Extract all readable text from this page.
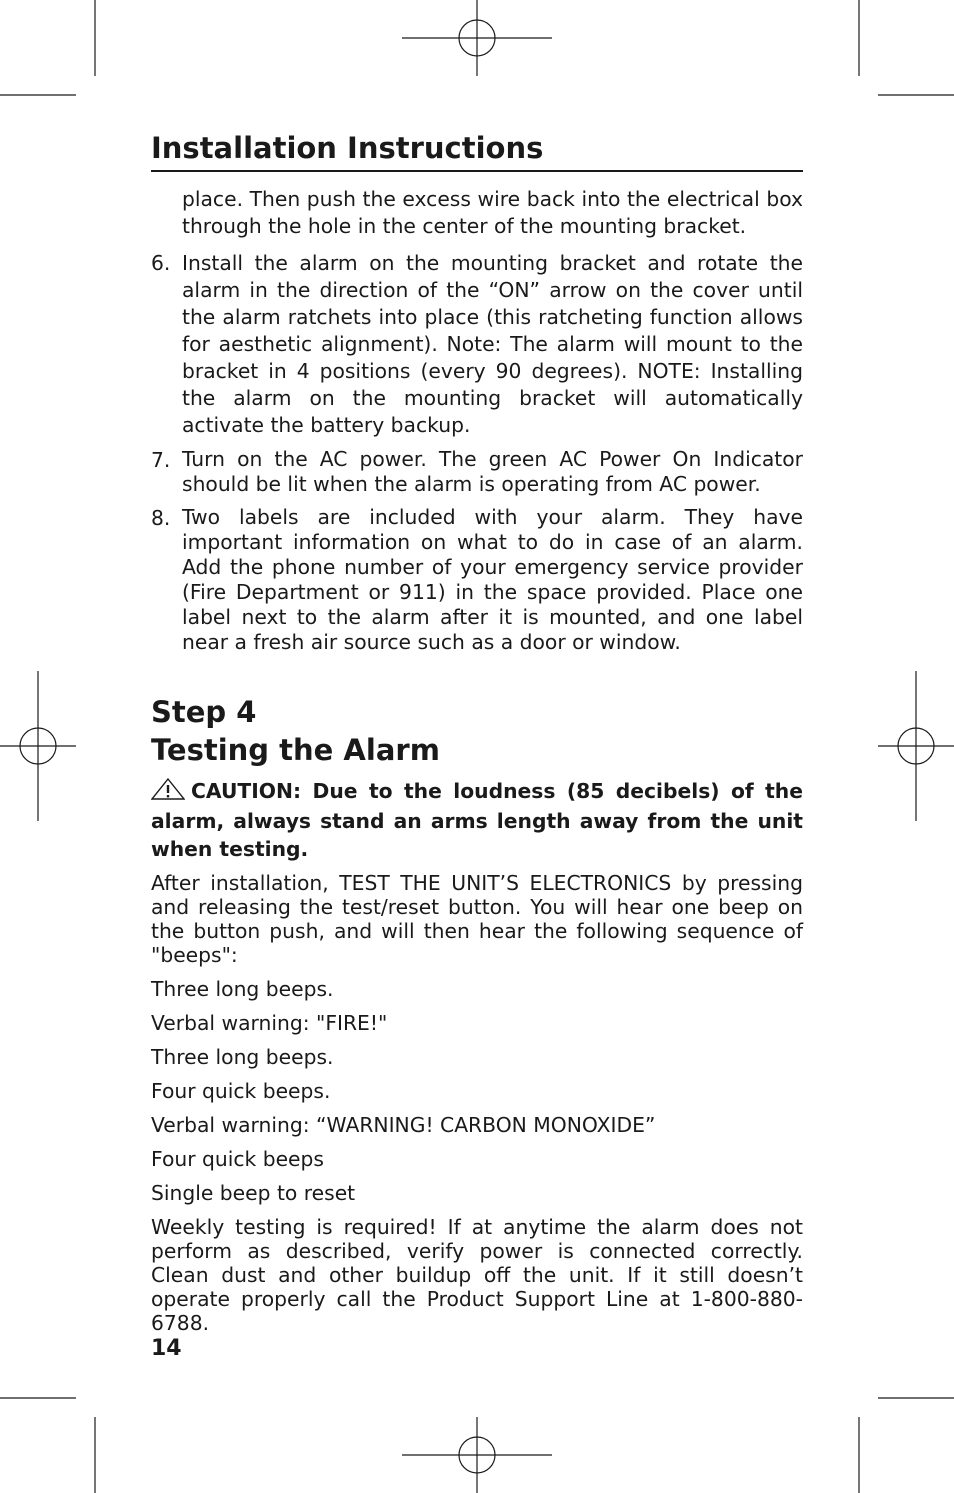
Installation Instructions
place. Then push the excess wire back into the electrical box through the hole in the center of the mounting bracket.
6. Install the alarm on the mounting bracket and rotate the alarm in the direction of the “ON” arrow on the cover until the alarm ratchets into place (this ratcheting function allows for aesthetic alignment). Note: The alarm will mount to the bracket in 4 positions (every 90 degrees). NOTE: Installing the alarm on the mounting bracket will automatically activate the battery backup.
7. Turn on the AC power. The green AC Power On Indicator should be lit when the alarm is operating from AC power.
8. Two labels are included with your alarm. They have important information on what to do in case of an alarm. Add the phone number of your emergency service provider (Fire Department or 911) in the space provided. Place one label next to the alarm after it is mounted, and one label near a fresh air source such as a door or window.
Step 4
Testing the Alarm
CAUTION: Due to the loudness (85 decibels) of the alarm, always stand an arms length away from the unit when testing.
After installation, TEST THE UNIT’S ELECTRONICS by pressing and releasing the test/reset button. You will hear one beep on the button push, and will then hear the following sequence of "beeps":
Three long beeps.
Verbal warning: "FIRE!"
Three long beeps.
Four quick beeps.
Verbal warning: “WARNING! CARBON MONOXIDE”
Four quick beeps
Single beep to reset
Weekly testing is required! If at anytime the alarm does not perform as described, verify power is connected correctly. Clean dust and other buildup off the unit. If it still doesn’t operate properly call the Product Support Line at 1-800-880-6788.
14
